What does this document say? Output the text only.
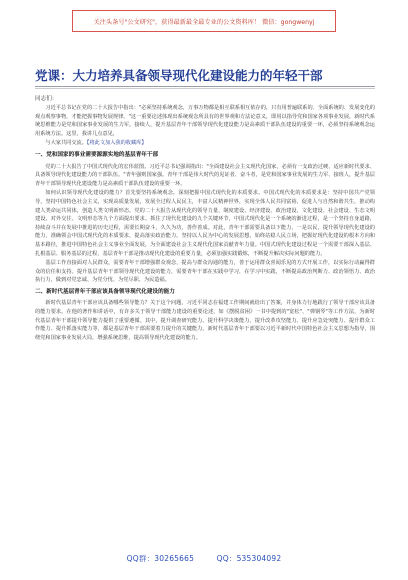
关注头条号"公文研究"，获得最新最全最专业的公文资料库！ 微信：gongwenyj
党课：大力培养具备领导现代化建设能力的年轻干部
同志们：

习近平总书记在党的二十大报告中指出："必须坚持系统观念，万事万物都是相互联系相互依存的，只有用普遍联系的、全面系统的、发展变化的观点观察事物，才能把握事物发展规律。"这一重要论述体现出系统观念所具有的世界观和方法论意义，即用以指导党和国家各项事业发展。新时代系统思维能力是党和国家事业发展的生力军。接续人，提升基层青年干部领导现代化建设能力是高素质干部队伍建设的重要一环，必须坚持系统观念运用系统方法。这里，我讲几点意见，

与大家共同交流。【将此文加入我的收藏库】

一、党和国家的事业需要源源实地的基层青年干部

党的二十大报告了中国式现代化的宏伟蓝图。习近平总书记强调指出："全面建设社会主义现代化国家，必须有一支政治过硬、适应新时代要求、具备领导现代化建设能力的干部队伍。"青年强则国家强。青年干部是伟大时代的见证者、奋斗者，是党和国家事业发展的生力军、接班人，提升基层青年干部领导现代化建设能力是高素质干部队伍建设的重要一环。

如何认识领导现代化建设的能力？首先要坚持系统观念，深刻把握中国式现代化的本质要求。中国式现代化的本质要求是：坚持中国共产党领导，坚持中国特色社会主义，实现高质量发展，发展全过程人民民主，丰富人民精神世界，实现全体人民共同富裕，促进人与自然和谐共生，推动构建人类命运共同体，创造人类文明新形态。党的二十大报告从现代化的领导力量、制度建设、经济建设、政治建设、文化建设、社会建设、生态文明建设、对外交往、文明形态等九个方面提出要求。抓住了现代化建设的九个关键环节，中国式现代化是一个系统的渐进过程，是一个坚持自身道路，持续奋斗并在发展中推进的历史过程，需要长期奋斗，久久为功，善作善成。对此，青年干部需要具备以下能力，一是以民，提升领导现代化建设的能力，准确领会中国式现代化的本质要求，提高落实政治能力。坚持以人民为中心的发展思想，始终站稳人民立场，把握好现代化建设的根本方向和基本路径，推进中国特色社会主义事业全面发展，为全面建设社会主义现代化国家贡献青年力量。中国式现代化建设过程是一个需要干部深入基层、扎根基层、服务基层的过程，基层青年干部是推动现代化建设的重要力量，必须加强实践锻炼，不断提升解决实际问题的能力。

基层工作直接面对人民群众，需要青年干部增强群众观念，提高与群众沟通的能力，善于运用群众喜闻乐见的方式开展工作，以实际行动赢得群众的信任和支持。提升基层青年干部领导现代化建设的能力，需要青年干部在实践中学习，在学习中实践，不断提高政治判断力、政治领悟力、政治执行力，做到对党忠诚、为党分忧、为党尽职、为民造福。

二、新时代基层青年干部应该具备领导现代化建设的能力

新时代基层青年干部应该具备哪些领导能力？关于这个问题，习近平同志在福建工作期间就给出了答案，并身体力行地践行了领导干部应该具备的能力要求。在他的著作和讲话中，有许多关于领导干部能力建设的重要论述，如《摆脱贫困》一书中提到的"宽松"、"弹钢琴"等工作方法，为新时代基层青年干部提升领导能力提供了重要遵循。其中，提升调查研究能力、提升科学决策能力、提升改革攻坚能力、提升应急处突能力、提升群众工作能力、提升抓落实能力等，都是基层青年干部需要着力提升的关键能力。新时代基层青年干部要以习近平新时代中国特色社会主义思想为指导，围绕党和国家事业发展大局，增强系统思维，提高领导现代化建设的能力。

QQ群：30265665	QQ：535304092
